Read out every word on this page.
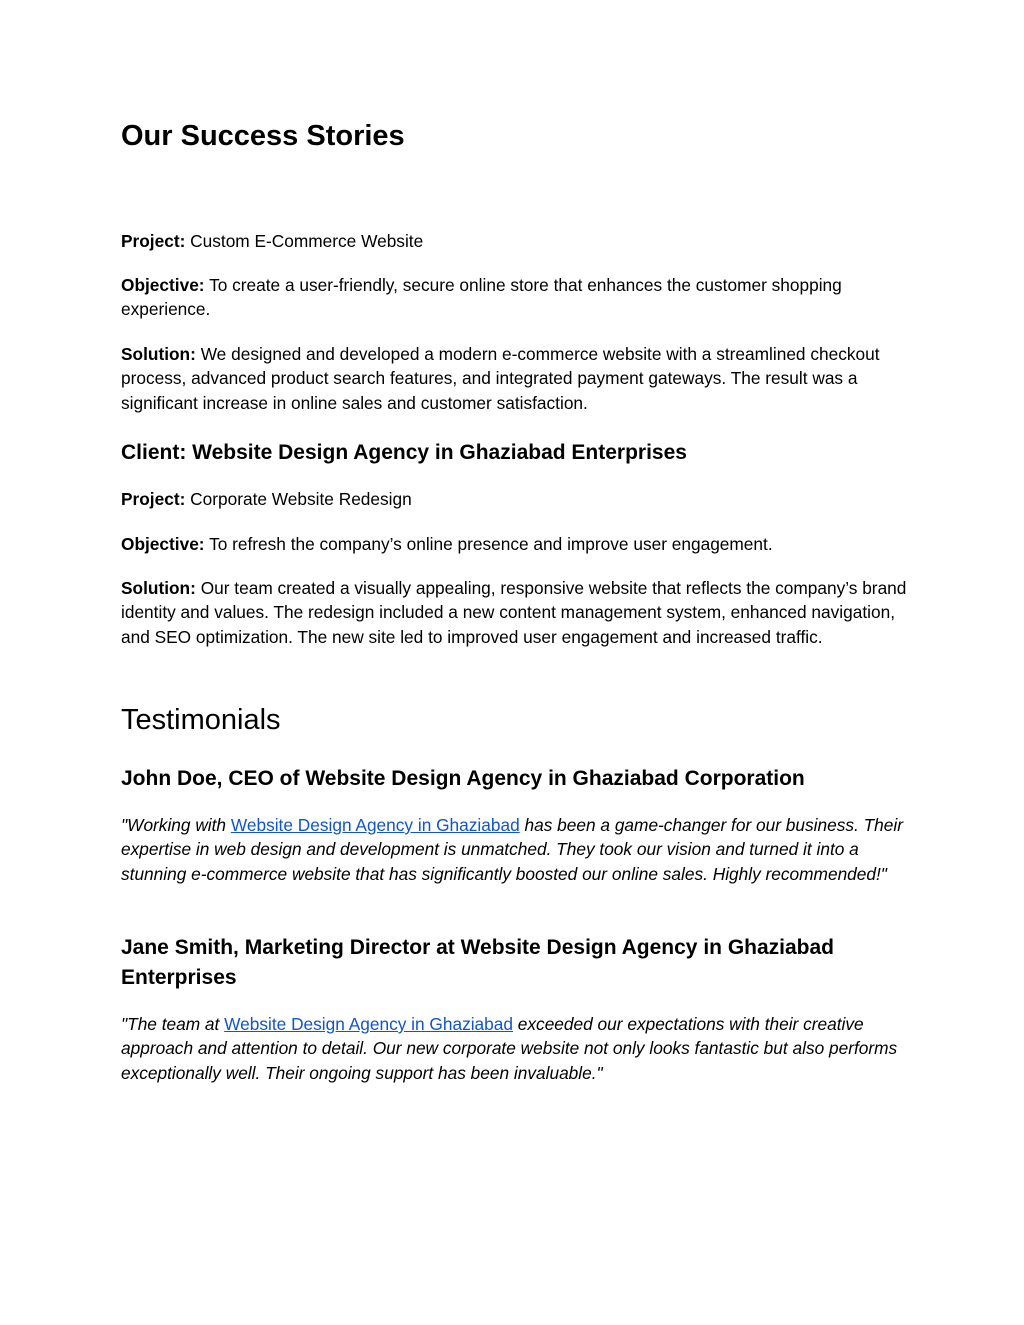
Our Success Stories

Project: Custom E-Commerce Website

Objective: To create a user-friendly, secure online store that enhances the customer shopping experience.

Solution: We designed and developed a modern e-commerce website with a streamlined checkout process, advanced product search features, and integrated payment gateways. The result was a significant increase in online sales and customer satisfaction.

Client: Website Design Agency in Ghaziabad Enterprises

Project: Corporate Website Redesign

Objective: To refresh the company’s online presence and improve user engagement.

Solution: Our team created a visually appealing, responsive website that reflects the company’s brand identity and values. The redesign included a new content management system, enhanced navigation, and SEO optimization. The new site led to improved user engagement and increased traffic.

Testimonials
John Doe, CEO of Website Design Agency in Ghaziabad Corporation

"Working with Website Design Agency in Ghaziabad has been a game-changer for our business. Their expertise in web design and development is unmatched. They took our vision and turned it into a stunning e-commerce website that has significantly boosted our online sales. Highly recommended!"

Jane Smith, Marketing Director at Website Design Agency in Ghaziabad Enterprises

"The team at Website Design Agency in Ghaziabad exceeded our expectations with their creative approach and attention to detail. Our new corporate website not only looks fantastic but also performs exceptionally well. Their ongoing support has been invaluable."
